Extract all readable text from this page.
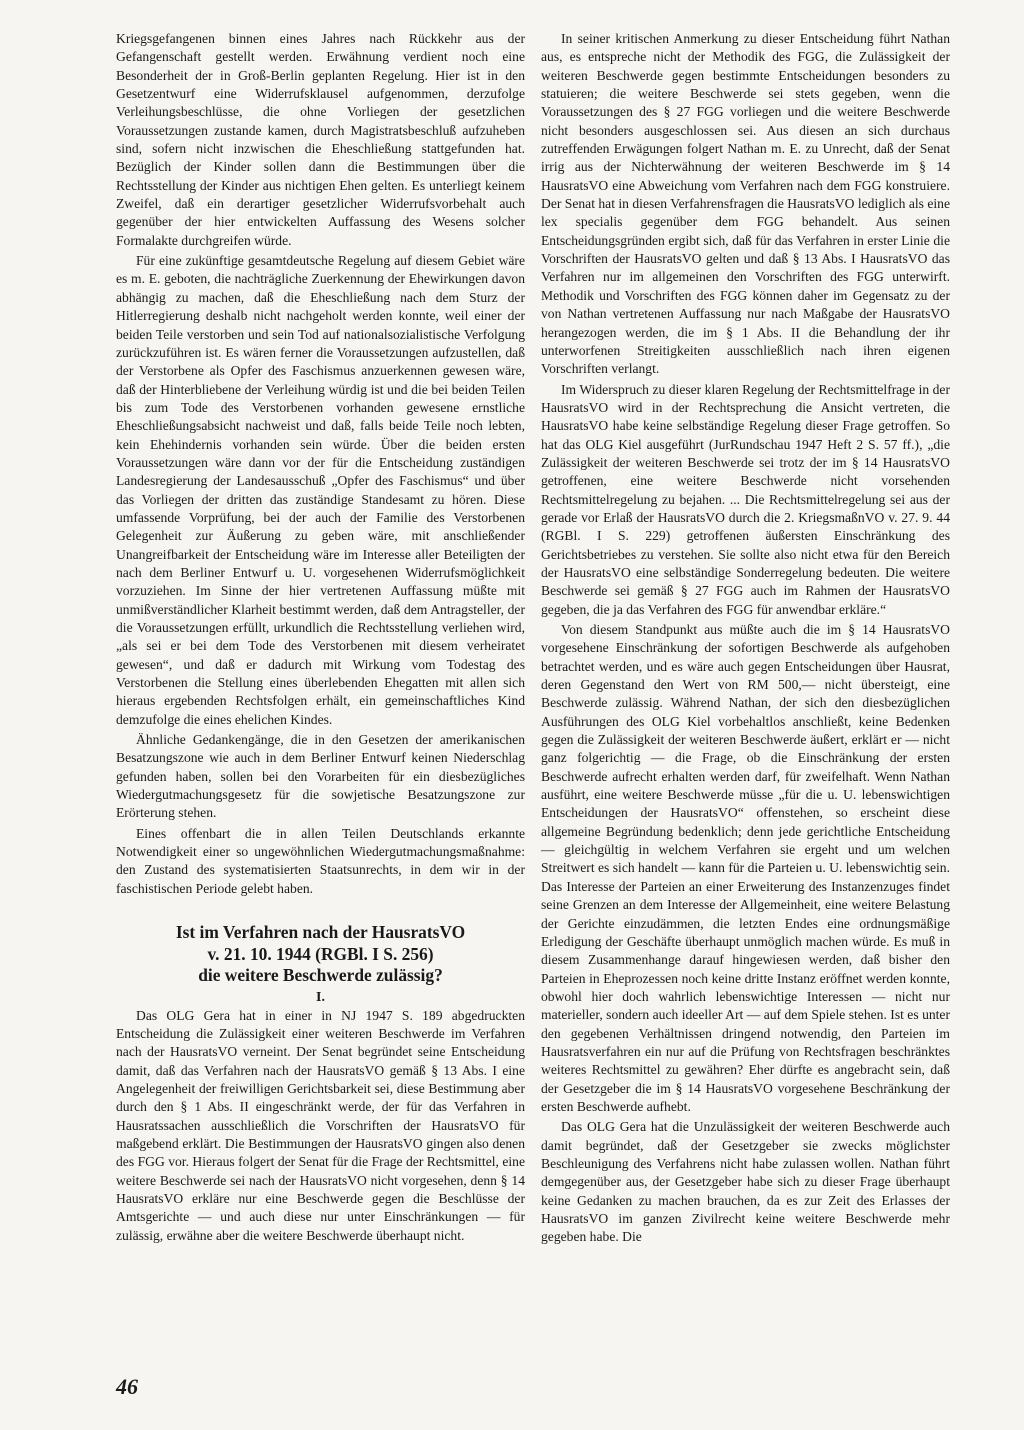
Kriegsgefangenen binnen eines Jahres nach Rückkehr aus der Gefangenschaft gestellt werden. Erwähnung verdient noch eine Besonderheit der in Groß-Berlin geplanten Regelung. Hier ist in den Gesetzentwurf eine Widerrufsklausel aufgenommen, derzufolge Verleihungsbeschlüsse, die ohne Vorliegen der gesetzlichen Voraussetzungen zustande kamen, durch Magistratsbeschluß aufzuheben sind, sofern nicht inzwischen die Eheschließung stattgefunden hat. Bezüglich der Kinder sollen dann die Bestimmungen über die Rechtsstellung der Kinder aus nichtigen Ehen gelten. Es unterliegt keinem Zweifel, daß ein derartiger gesetzlicher Widerrufsvorbehalt auch gegenüber der hier entwickelten Auffassung des Wesens solcher Formalakte durchgreifen würde.

Für eine zukünftige gesamtdeutsche Regelung auf diesem Gebiet wäre es m. E. geboten, die nachträgliche Zuerkennung der Ehewirkungen davon abhängig zu machen, daß die Eheschließung nach dem Sturz der Hitlerregierung deshalb nicht nachgeholt werden konnte, weil einer der beiden Teile verstorben und sein Tod auf nationalsozialistische Verfolgung zurückzuführen ist. Es wären ferner die Voraussetzungen aufzustellen, daß der Verstorbene als Opfer des Faschismus anzuerkennen gewesen wäre, daß der Hinterbliebene der Verleihung würdig ist und die bei beiden Teilen bis zum Tode des Verstorbenen vorhanden gewesene ernstliche Eheschließungsabsicht nachweist und daß, falls beide Teile noch lebten, kein Ehehindernis vorhanden sein würde. Über die beiden ersten Voraussetzungen wäre dann vor der für die Entscheidung zuständigen Landesregierung der Landesausschuß „Opfer des Faschismus“ und über das Vorliegen der dritten das zuständige Standesamt zu hören. Diese umfassende Vorprüfung, bei der auch der Familie des Verstorbenen Gelegenheit zur Äußerung zu geben wäre, mit anschließender Unangreifbarkeit der Entscheidung wäre im Interesse aller Beteiligten der nach dem Berliner Entwurf u. U. vorgesehenen Widerrufsmöglichkeit vorzuziehen. Im Sinne der hier vertretenen Auffassung müßte mit unmißverständlicher Klarheit bestimmt werden, daß dem Antragsteller, der die Voraussetzungen erfüllt, urkundlich die Rechtsstellung verliehen wird, „als sei er bei dem Tode des Verstorbenen mit diesem verheiratet gewesen“, und daß er dadurch mit Wirkung vom Todestag des Verstorbenen die Stellung eines überlebenden Ehegatten mit allen sich hieraus ergebenden Rechtsfolgen erhält, ein gemeinschaftliches Kind demzufolge die eines ehelichen Kindes.

Ähnliche Gedankengänge, die in den Gesetzen der amerikanischen Besatzungszone wie auch in dem Berliner Entwurf keinen Niederschlag gefunden haben, sollen bei den Vorarbeiten für ein diesbezügliches Wiedergutmachungsgesetz für die sowjetische Besatzungszone zur Erörterung stehen.

Eines offenbart die in allen Teilen Deutschlands erkannte Notwendigkeit einer so ungewöhnlichen Wiedergutmachungsmaßnahme: den Zustand des systematisierten Staatsunrechts, in dem wir in der faschistischen Periode gelebt haben.

Ist im Verfahren nach der HausratsVO
v. 21. 10. 1944 (RGBl. I S. 256)
die weitere Beschwerde zulässig?
I.

Das OLG Gera hat in einer in NJ 1947 S. 189 abgedruckten Entscheidung die Zulässigkeit einer weiteren Beschwerde im Verfahren nach der HausratsVO verneint. Der Senat begründet seine Entscheidung damit, daß das Verfahren nach der HausratsVO gemäß § 13 Abs. I eine Angelegenheit der freiwilligen Gerichtsbarkeit sei, diese Bestimmung aber durch den § 1 Abs. II eingeschränkt werde, der für das Verfahren in Hausratssachen ausschließlich die Vorschriften der HausratsVO für maßgebend erklärt. Die Bestimmungen der HausratsVO gingen also denen des FGG vor. Hieraus folgert der Senat für die Frage der Rechtsmittel, eine weitere Beschwerde sei nach der HausratsVO nicht vorgesehen, denn § 14 HausratsVO erkläre nur eine Beschwerde gegen die Beschlüsse der Amtsgerichte — und auch diese nur unter Einschränkungen — für zulässig, erwähne aber die weitere Beschwerde überhaupt nicht.

In seiner kritischen Anmerkung zu dieser Entscheidung führt Nathan aus, es entspreche nicht der Methodik des FGG, die Zulässigkeit der weiteren Beschwerde gegen bestimmte Entscheidungen besonders zu statuieren; die weitere Beschwerde sei stets gegeben, wenn die Voraussetzungen des § 27 FGG vorliegen und die weitere Beschwerde nicht besonders ausgeschlossen sei. Aus diesen an sich durchaus zutreffenden Erwägungen folgert Nathan m. E. zu Unrecht, daß der Senat irrig aus der Nichterwähnung der weiteren Beschwerde im § 14 HausratsVO eine Abweichung vom Verfahren nach dem FGG konstruiere. Der Senat hat in diesen Verfahrensfragen die HausratsVO lediglich als eine lex specialis gegenüber dem FGG behandelt. Aus seinen Entscheidungsgründen ergibt sich, daß für das Verfahren in erster Linie die Vorschriften der HausratsVO gelten und daß § 13 Abs. I HausratsVO das Verfahren nur im allgemeinen den Vorschriften des FGG unterwirft. Methodik und Vorschriften des FGG können daher im Gegensatz zu der von Nathan vertretenen Auffassung nur nach Maßgabe der HausratsVO herangezogen werden, die im § 1 Abs. II die Behandlung der ihr unterworfenen Streitigkeiten ausschließlich nach ihren eigenen Vorschriften verlangt.

Im Widerspruch zu dieser klaren Regelung der Rechtsmittelfrage in der HausratsVO wird in der Rechtsprechung die Ansicht vertreten, die HausratsVO habe keine selbständige Regelung dieser Frage getroffen. So hat das OLG Kiel ausgeführt (JurRundschau 1947 Heft 2 S. 57 ff.), „die Zulässigkeit der weiteren Beschwerde sei trotz der im § 14 HausratsVO getroffenen, eine weitere Beschwerde nicht vorsehenden Rechtsmittelregelung zu bejahen. ... Die Rechtsmittelregelung sei aus der gerade vor Erlaß der HausratsVO durch die 2. KriegsmaßnVO v. 27. 9. 44 (RGBl. I S. 229) getroffenen äußersten Einschränkung des Gerichtsbetriebes zu verstehen. Sie sollte also nicht etwa für den Bereich der HausratsVO eine selbständige Sonderregelung bedeuten. Die weitere Beschwerde sei gemäß § 27 FGG auch im Rahmen der HausratsVO gegeben, die ja das Verfahren des FGG für anwendbar erkläre.“

Von diesem Standpunkt aus müßte auch die im § 14 HausratsVO vorgesehene Einschränkung der sofortigen Beschwerde als aufgehoben betrachtet werden, und es wäre auch gegen Entscheidungen über Hausrat, deren Gegenstand den Wert von RM 500,— nicht übersteigt, eine Beschwerde zulässig. Während Nathan, der sich den diesbezüglichen Ausführungen des OLG Kiel vorbehaltlos anschließt, keine Bedenken gegen die Zulässigkeit der weiteren Beschwerde äußert, erklärt er — nicht ganz folgerichtig — die Frage, ob die Einschränkung der ersten Beschwerde aufrecht erhalten werden darf, für zweifelhaft. Wenn Nathan ausführt, eine weitere Beschwerde müsse „für die u. U. lebenswichtigen Entscheidungen der HausratsVO“ offenstehen, so erscheint diese allgemeine Begründung bedenklich; denn jede gerichtliche Entscheidung — gleichgültig in welchem Verfahren sie ergeht und um welchen Streitwert es sich handelt — kann für die Parteien u. U. lebenswichtig sein. Das Interesse der Parteien an einer Erweiterung des Instanzenzuges findet seine Grenzen an dem Interesse der Allgemeinheit, eine weitere Belastung der Gerichte einzudämmen, die letzten Endes eine ordnungsmäßige Erledigung der Geschäfte überhaupt unmöglich machen würde. Es muß in diesem Zusammenhange darauf hingewiesen werden, daß bisher den Parteien in Eheprozessen noch keine dritte Instanz eröffnet werden konnte, obwohl hier doch wahrlich lebenswichtige Interessen — nicht nur materieller, sondern auch ideeller Art — auf dem Spiele stehen. Ist es unter den gegebenen Verhältnissen dringend notwendig, den Parteien im Hausratsverfahren ein nur auf die Prüfung von Rechtsfragen beschränktes weiteres Rechtsmittel zu gewähren? Eher dürfte es angebracht sein, daß der Gesetzgeber die im § 14 HausratsVO vorgesehene Beschränkung der ersten Beschwerde aufhebt.

Das OLG Gera hat die Unzulässigkeit der weiteren Beschwerde auch damit begründet, daß der Gesetzgeber sie zwecks möglichster Beschleunigung des Verfahrens nicht habe zulassen wollen. Nathan führt demgegenüber aus, der Gesetzgeber habe sich zu dieser Frage überhaupt keine Gedanken zu machen brauchen, da es zur Zeit des Erlasses der HausratsVO im ganzen Zivilrecht keine weitere Beschwerde mehr gegeben habe. Die

46
